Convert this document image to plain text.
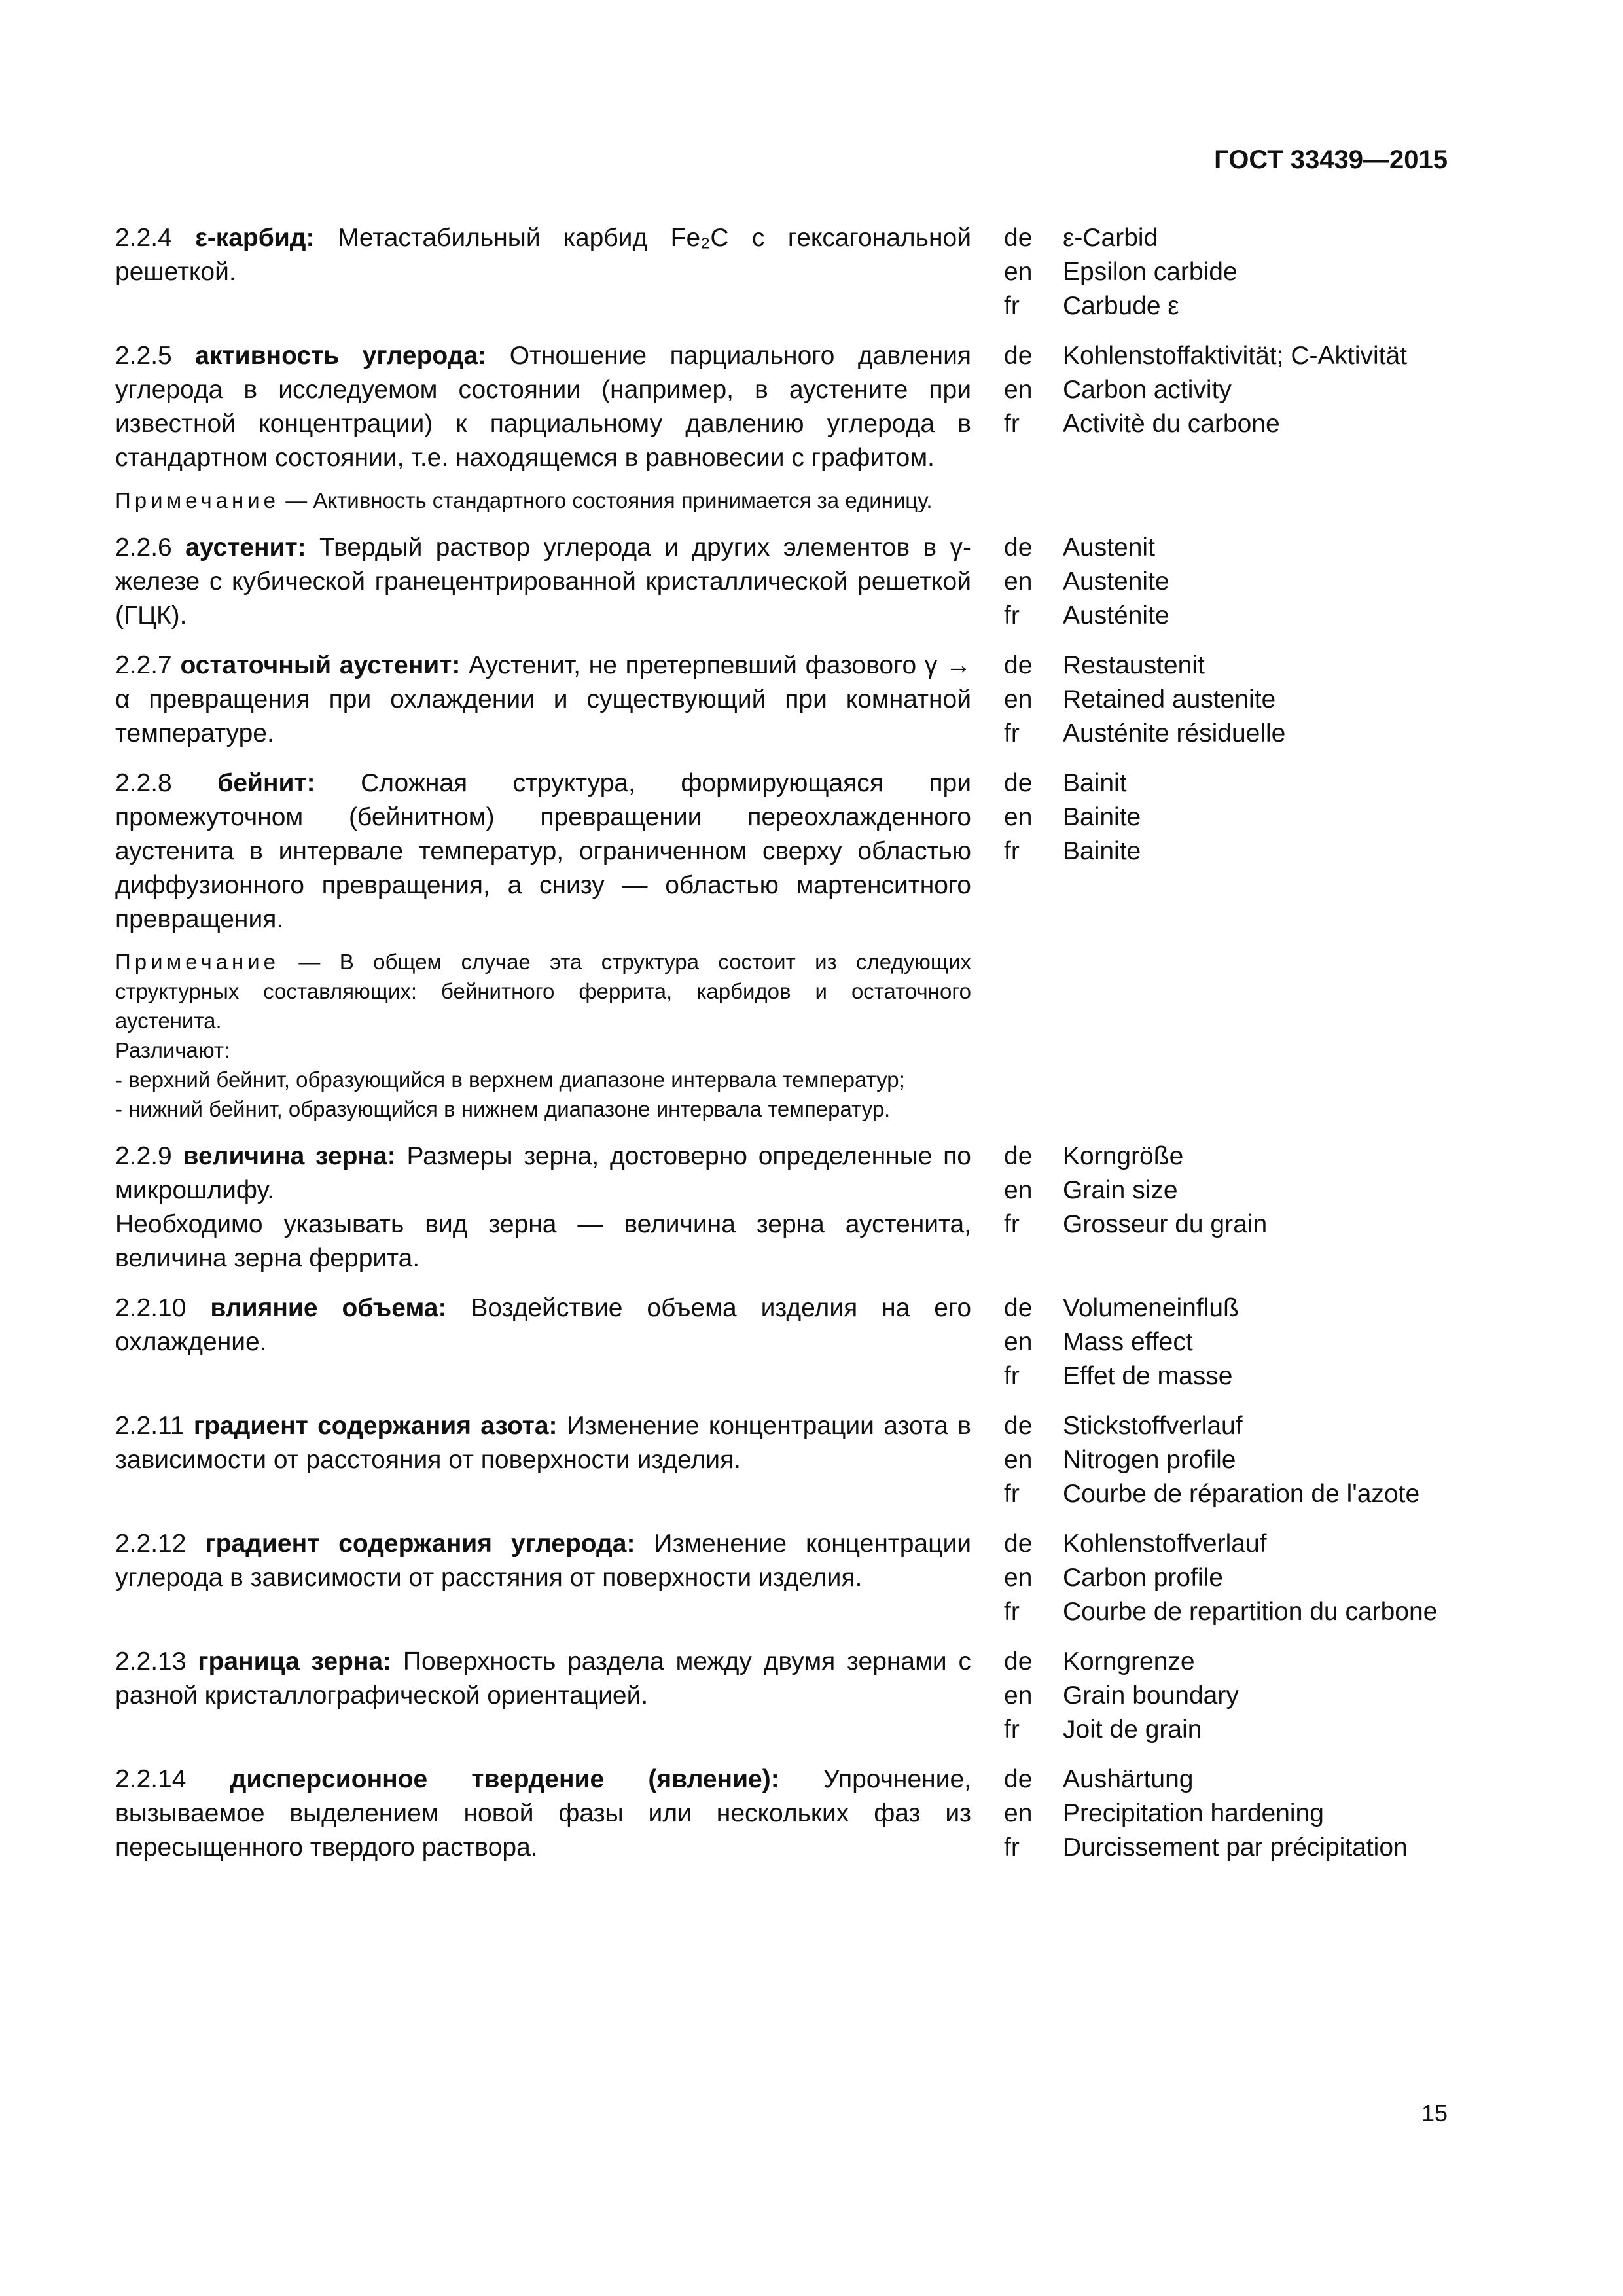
ГОСТ 33439—2015
2.2.4 ε-карбид: Метастабильный карбид Fe₂C с гексагональной решеткой.
de
en
fr
ε-Carbid
Epsilon carbide
Carbude ε
2.2.5 активность углерода: Отношение парциального давления углерода в исследуемом состоянии (например, в аустените при известной концентрации) к парциальному давлению углерода в стандартном состоянии, т.е. находящемся в равновесии с графитом.
Примечание — Активность стандартного состояния принимается за единицу.
de
en
fr
Kohlenstoffaktivität; C-Aktivität
Carbon activity
Activitè du carbone
2.2.6 аустенит: Твердый раствор углерода и других элементов в γ-железе с кубической гранецентрированной кристаллической решеткой (ГЦК).
de
en
fr
Austenit
Austenite
Austénite
2.2.7 остаточный аустенит: Аустенит, не претерпевший фазового γ → α превращения при охлаждении и существующий при комнатной температуре.
de
en
fr
Restaustenit
Retained austenite
Austénite résiduelle
2.2.8 бейнит: Сложная структура, формирующаяся при промежуточном (бейнитном) превращении переохлажденного аустенита в интервале температур, ограниченном сверху областью диффузионного превращения, а снизу — областью мартенситного превращения.
Примечание — В общем случае эта структура состоит из следующих структурных составляющих: бейнитного феррита, карбидов и остаточного аустенита.
Различают:
- верхний бейнит, образующийся в верхнем диапазоне интервала температур;
- нижний бейнит, образующийся в нижнем диапазоне интервала температур.
de
en
fr
Bainit
Bainite
Bainite
2.2.9 величина зерна: Размеры зерна, достоверно определенные по микрошлифу.
Необходимо указывать вид зерна — величина зерна аустенита, величина зерна феррита.
de
en
fr
Korngröße
Grain size
Grosseur du grain
2.2.10 влияние объема: Воздействие объема изделия на его охлаждение.
de
en
fr
Volumeneinfluß
Mass effect
Effet de masse
2.2.11 градиент содержания азота: Изменение концентрации азота в зависимости от расстояния от поверхности изделия.
de
en
fr
Stickstoffverlauf
Nitrogen profile
Courbe de réparation de l'azote
2.2.12 градиент содержания углерода: Изменение концентрации углерода в зависимости от расстяния от поверхности изделия.
de
en
fr
Kohlenstoffverlauf
Carbon profile
Courbe de repartition du carbone
2.2.13 граница зерна: Поверхность раздела между двумя зернами с разной кристаллографической ориентацией.
de
en
fr
Korngrenze
Grain boundary
Joit de grain
2.2.14 дисперсионное твердение (явление): Упрочнение, вызываемое выделением новой фазы или нескольких фаз из пересыщенного твердого раствора.
de
en
fr
Aushärtung
Precipitation hardening
Durcissement par précipitation
15
